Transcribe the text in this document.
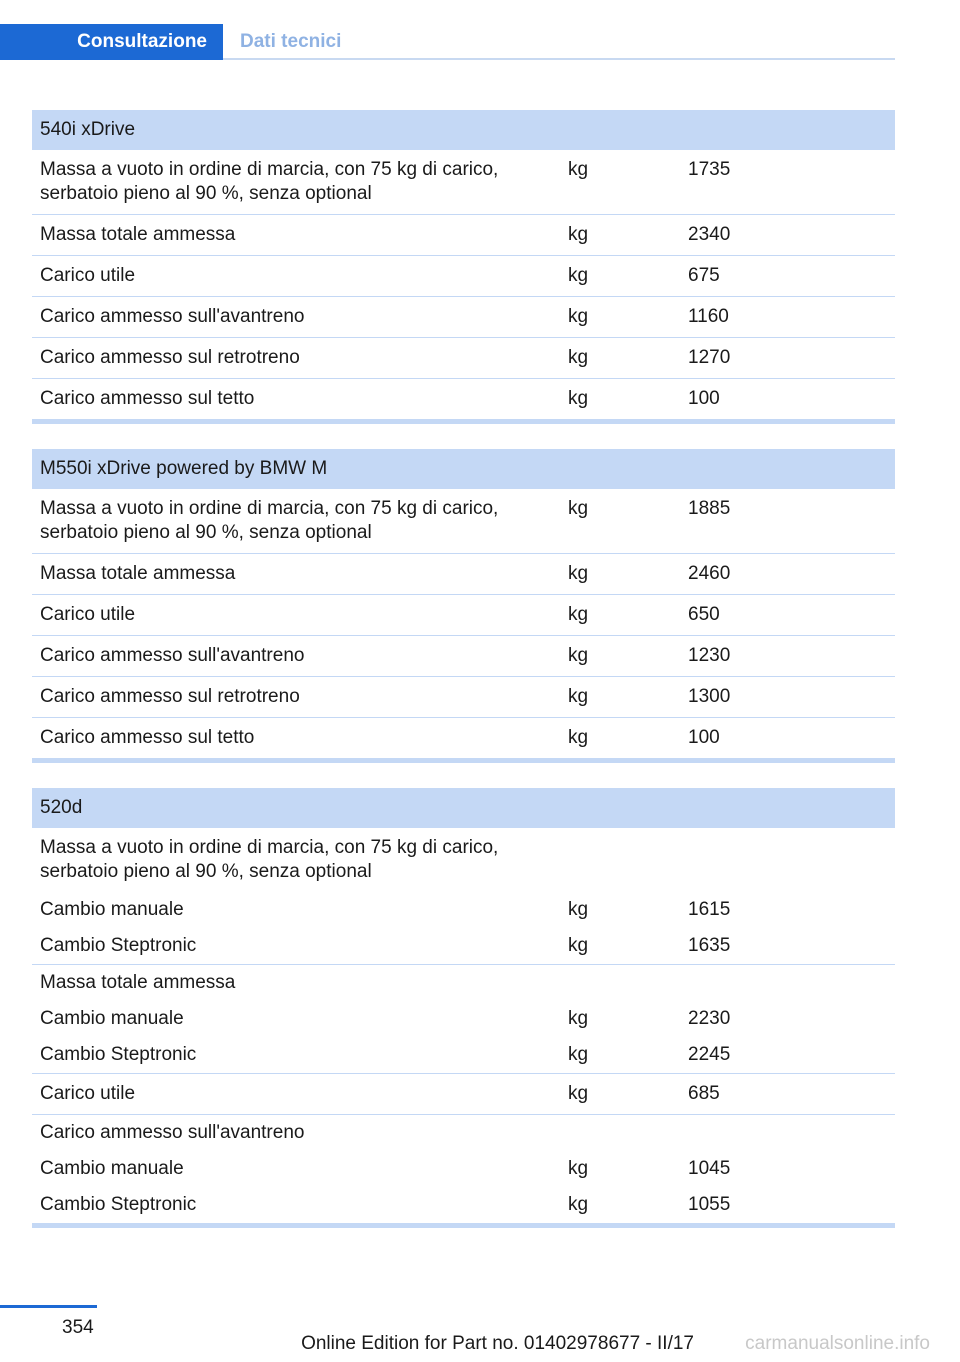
Consultazione	Dati tecnici
540i xDrive		
Massa a vuoto in ordine di marcia, con 75 kg di carico, serbatoio pieno al 90 %, senza optional	kg	1735
Massa totale ammessa	kg	2340
Carico utile	kg	675
Carico ammesso sull'avantreno	kg	1160
Carico ammesso sul retrotreno	kg	1270
Carico ammesso sul tetto	kg	100
M550i xDrive powered by BMW M		
Massa a vuoto in ordine di marcia, con 75 kg di carico, serbatoio pieno al 90 %, senza optional	kg	1885
Massa totale ammessa	kg	2460
Carico utile	kg	650
Carico ammesso sull'avantreno	kg	1230
Carico ammesso sul retrotreno	kg	1300
Carico ammesso sul tetto	kg	100
520d		
Massa a vuoto in ordine di marcia, con 75 kg di carico, serbatoio pieno al 90 %, senza optional		
Cambio manuale	kg	1615
Cambio Steptronic	kg	1635
Massa totale ammessa		
Cambio manuale	kg	2230
Cambio Steptronic	kg	2245
Carico utile	kg	685
Carico ammesso sull'avantreno		
Cambio manuale	kg	1045
Cambio Steptronic	kg	1055
354
Online Edition for Part no. 01402978677 - II/17	carmanualsonline.info
